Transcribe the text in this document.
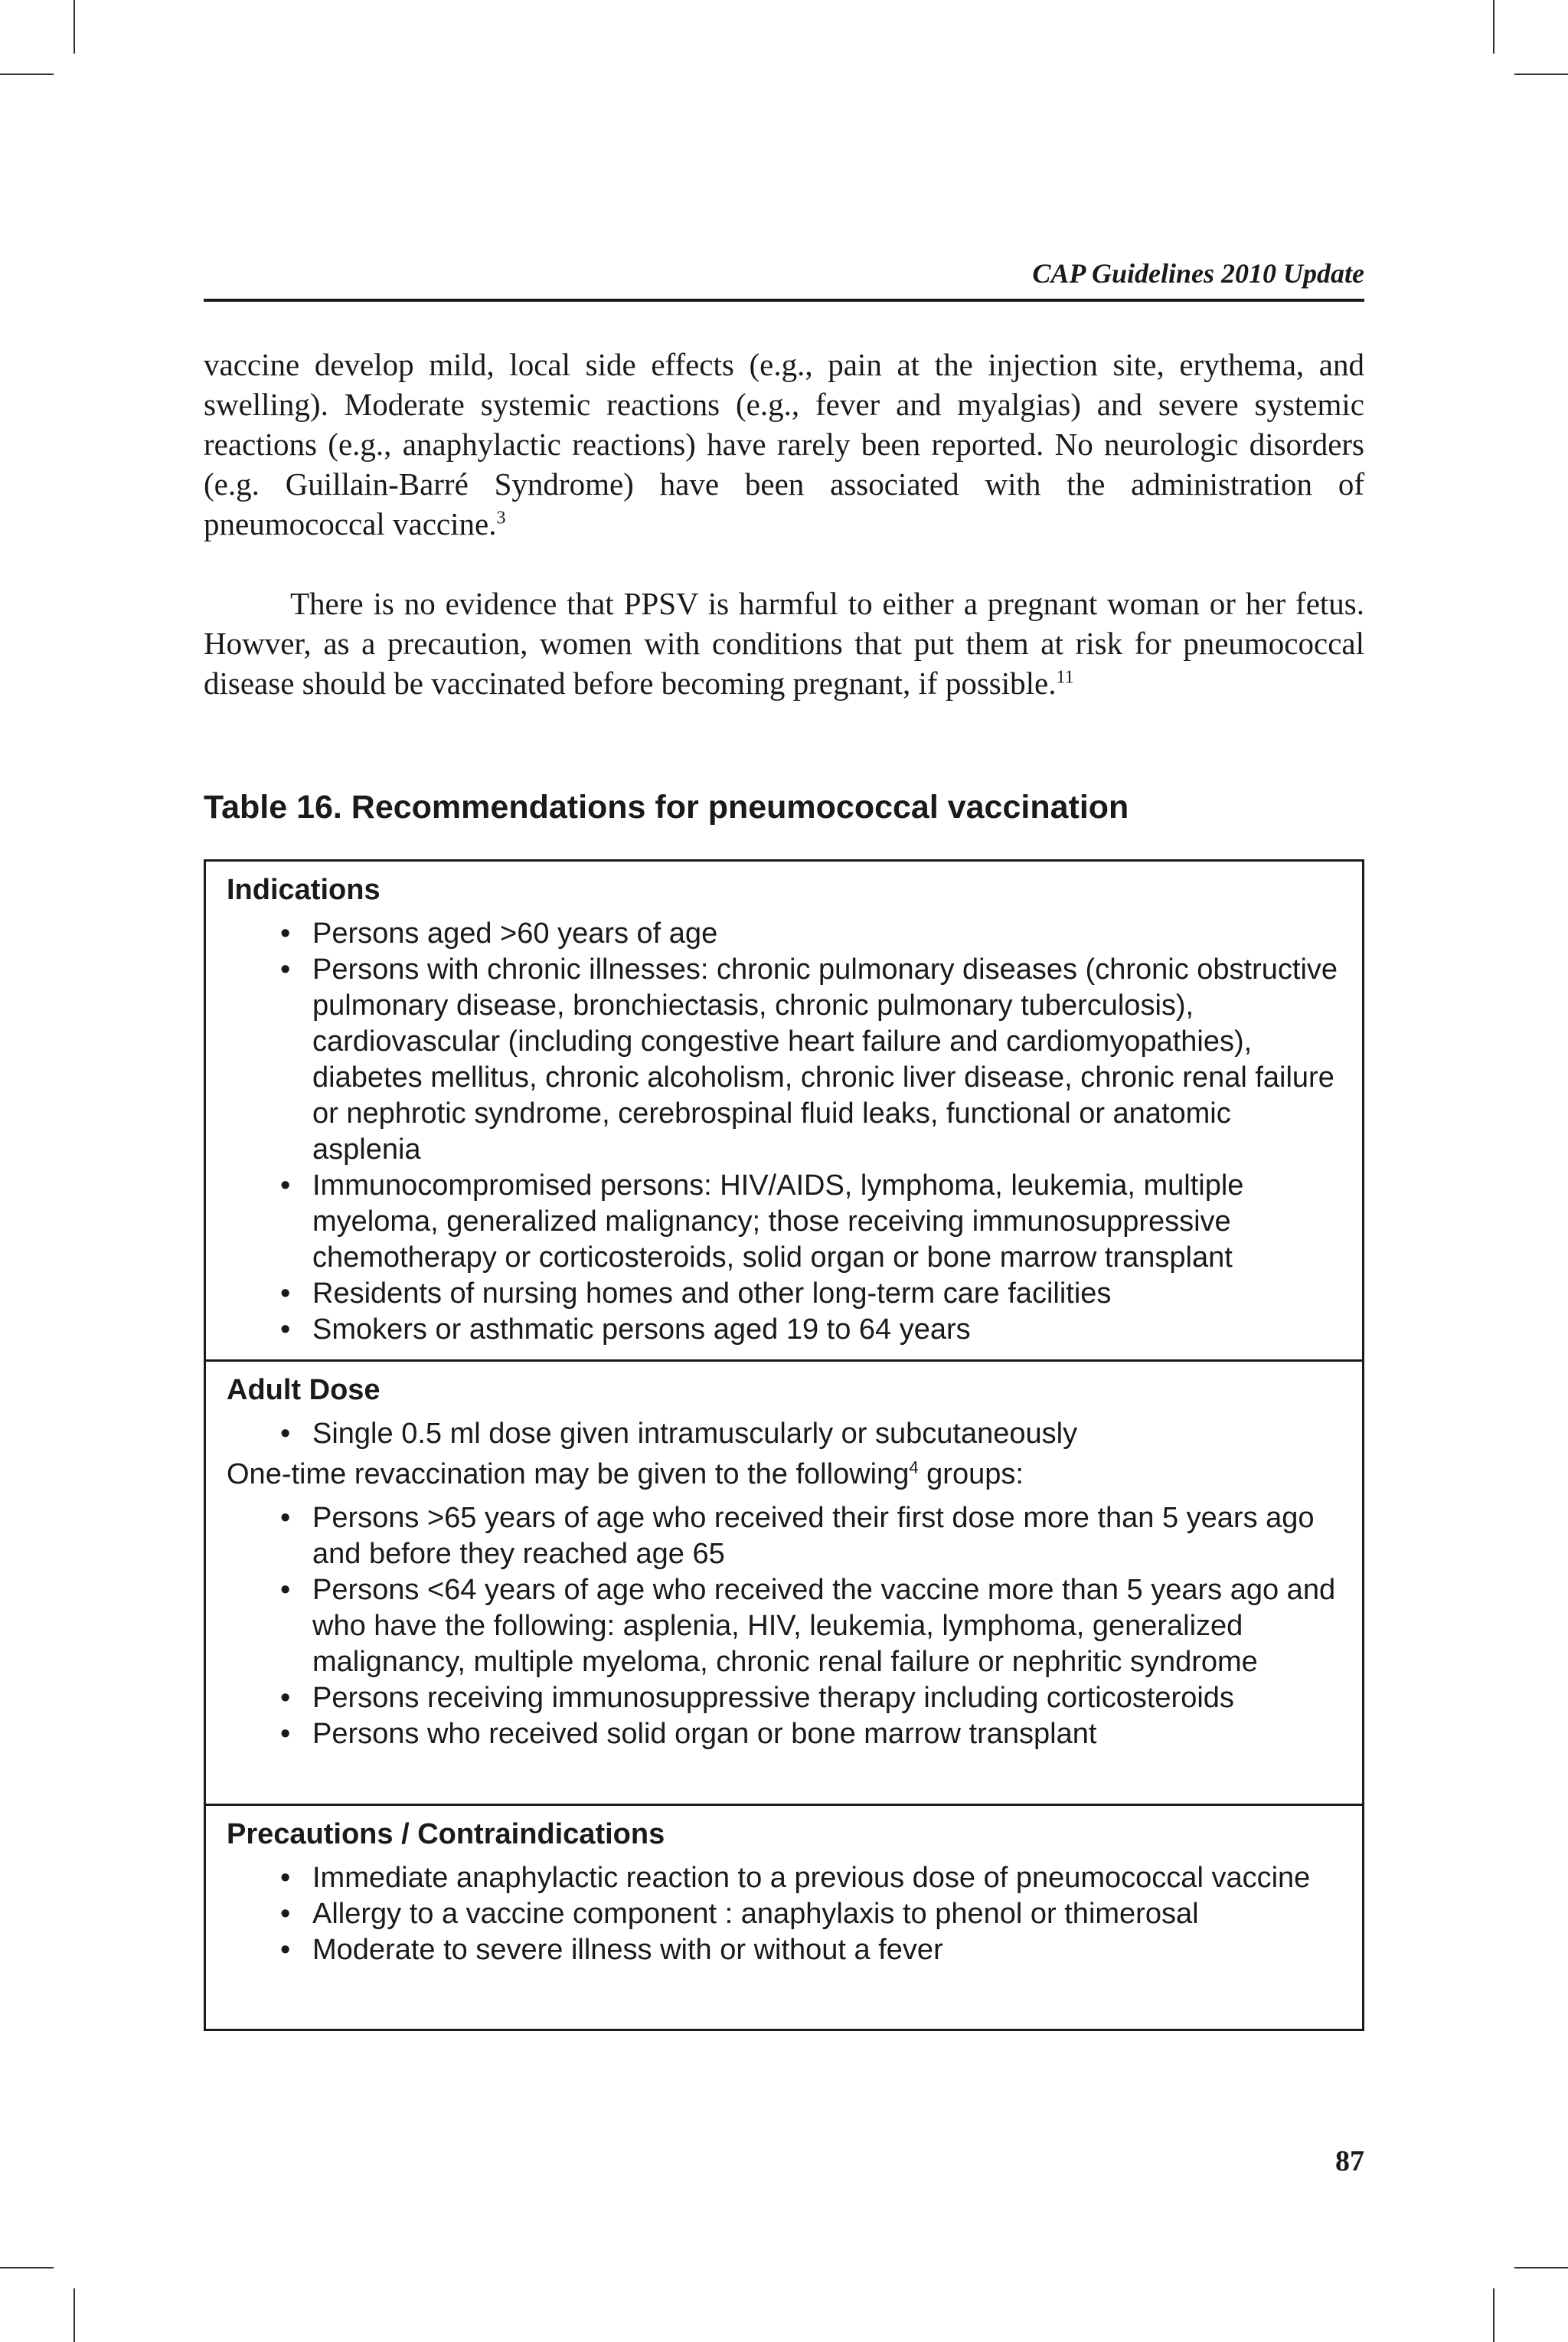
CAP Guidelines 2010 Update

vaccine develop mild, local side effects (e.g., pain at the injection site, erythema, and swelling). Moderate systemic reactions (e.g., fever and myalgias) and severe systemic reactions (e.g., anaphylactic reactions) have rarely been reported. No neurologic disorders (e.g. Guillain-Barré Syndrome) have been associated with the administration of pneumococcal vaccine.$^3$

There is no evidence that PPSV is harmful to either a pregnant woman or her fetus. Howver, as a precaution, women with conditions that put them at risk for pneumococcal disease should be vaccinated before becoming pregnant, if possible.$^{11}$

Table 16. Recommendations for pneumococcal vaccination
Indications
• Persons aged >60 years of age
• Persons with chronic illnesses: chronic pulmonary diseases (chronic obstructive pulmonary disease, bronchiectasis, chronic pulmonary tuberculosis), cardiovascular (including congestive heart failure and cardiomyopathies), diabetes mellitus, chronic alcoholism, chronic liver disease, chronic renal failure or nephrotic syndrome, cerebrospinal fluid leaks, functional or anatomic asplenia
• Immunocompromised persons: HIV/AIDS, lymphoma, leukemia, multiple myeloma, generalized malignancy; those receiving immunosuppressive chemotherapy or corticosteroids, solid organ or bone marrow transplant
• Residents of nursing homes and other long-term care facilities
• Smokers or asthmatic persons aged 19 to 64 years
Adult Dose
• Single 0.5 ml dose given intramuscularly or subcutaneously
One-time revaccination may be given to the following$^4$ groups:
• Persons >65 years of age who received their first dose more than 5 years ago and before they reached age 65
• Persons <64 years of age who received the vaccine more than 5 years ago and who have the following: asplenia, HIV, leukemia, lymphoma, generalized malignancy, multiple myeloma, chronic renal failure or nephritic syndrome
• Persons receiving immunosuppressive therapy including corticosteroids
• Persons who received solid organ or bone marrow transplant
Precautions / Contraindications
• Immediate anaphylactic reaction to a previous dose of pneumococcal vaccine
• Allergy to a vaccine component : anaphylaxis to phenol or thimerosal
• Moderate to severe illness with or without a fever
87
